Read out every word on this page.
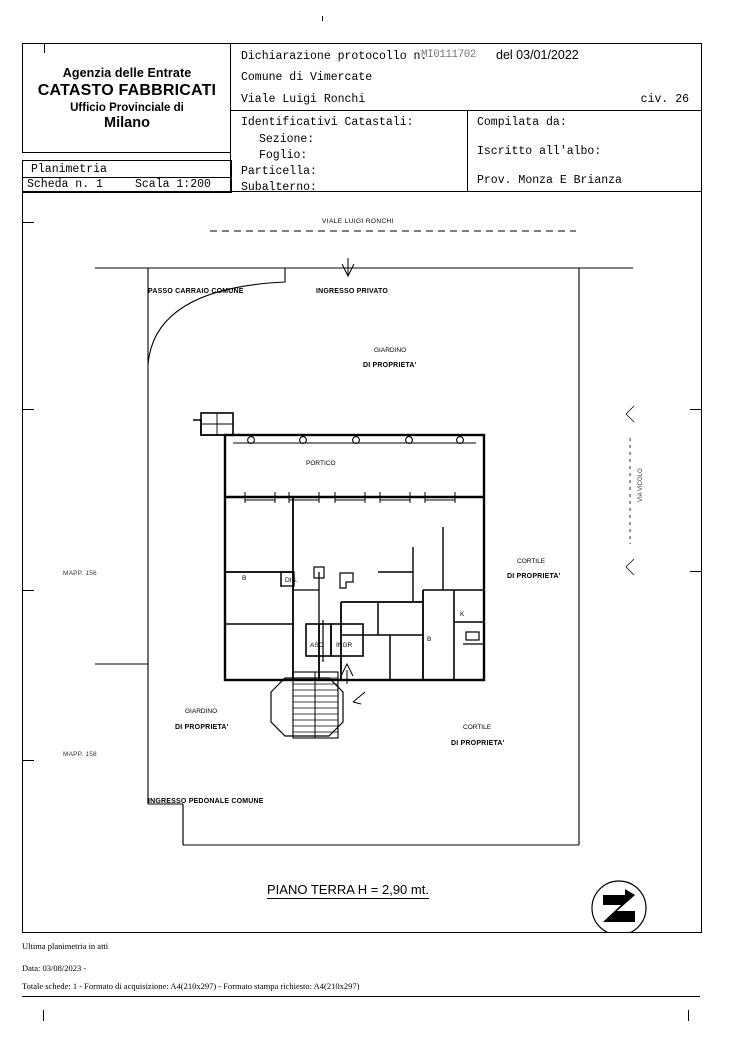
Agenzia delle Entrate
CATASTO FABBRICATI
Ufficio Provinciale di
Milano
Dichiarazione protocollo n.
MI0111702 del 03/01/2022
Comune di Vimercate
Viale Luigi Ronchi	civ. 26
Identificativi Catastali:
Sezione:
Foglio:
Particella:
Subalterno:
Compilata da:
Iscritto all'albo:
Prov. Monza E Brianza
Planimetria
Scheda n. 1	Scala 1:200
VIALE LUIGI RONCHI
PASSO CARRAIO COMUNE	INGRESSO PRIVATO
GIARDINO
DI PROPRIETA'
PORTICO
MAPP. 156
MAPP. 158
CORTILE
DI PROPRIETA'
CORTILE
DI PROPRIETA'
GIARDINO
DI PROPRIETA'
INGRESSO PEDONALE COMUNE
B	DIS.
ASC INGR
B
K
VIA VICOLO
PIANO TERRA H = 2,90 mt.
Ultima planimetria in atti
Data: 03/08/2023 -
Totale schede: 1 - Formato di acquisizione: A4(210x297) - Formato stampa richiesto: A4(210x297)
